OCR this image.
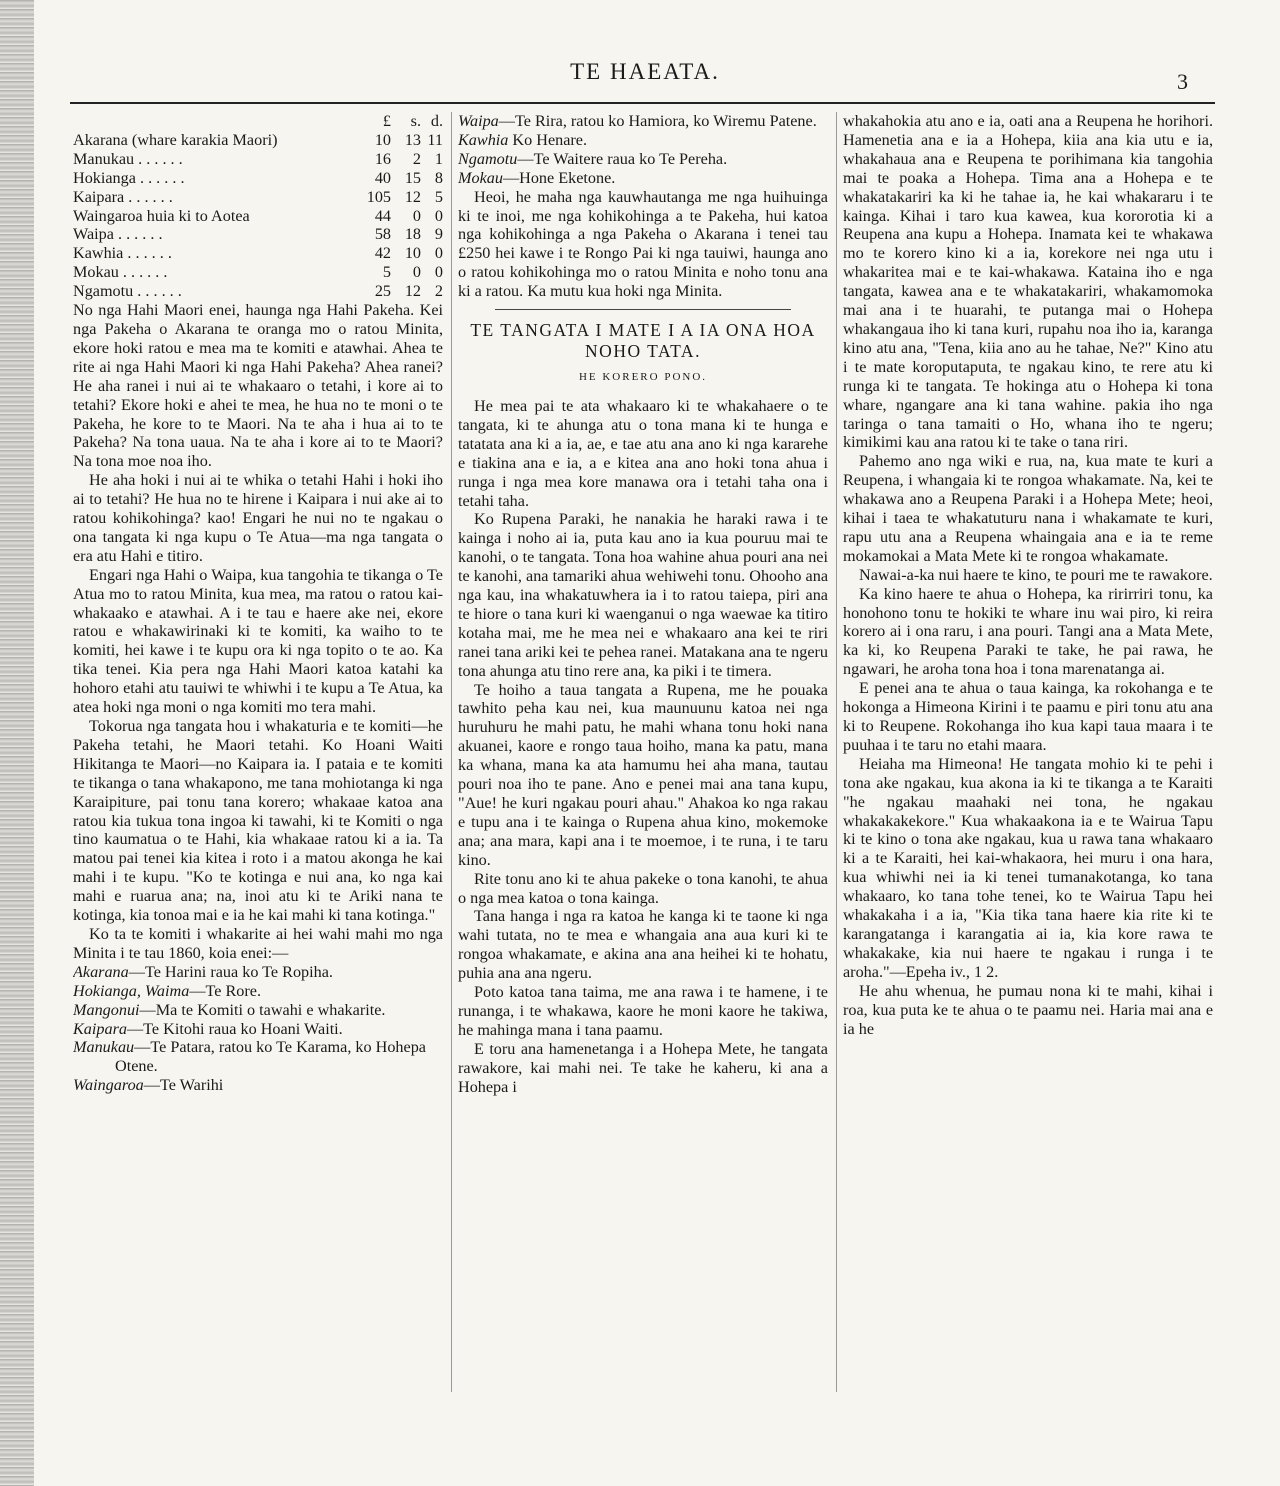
TE HAEATA.	3
	£	s.	d.
Akarana (whare karakia Maori)	10	13	11
Manukau . . . . . .	16	2	1
Hokianga . . . . . .	40	15	8
Kaipara . . . . . .	105	12	5
Waingaroa huia ki to Aotea	44	0	0
Waipa . . . . . .	58	18	9
Kawhia . . . . . .	42	10	0
Mokau . . . . . .	5	0	0
Ngamotu . . . . . .	25	12	2

No nga Hahi Maori enei, haunga nga Hahi Pakeha. Kei nga Pakeha o Akarana te oranga mo o ratou Minita, ekore hoki ratou e mea ma te komiti e atawhai. Ahea te rite ai nga Hahi Maori ki nga Hahi Pakeha? Ahea ranei? He aha ranei i nui ai te whakaaro o tetahi, i kore ai to tetahi? Ekore hoki e ahei te mea, he hua no te moni o te Pakeha, he kore to te Maori. Na te aha i hua ai to te Pakeha? Na tona uaua. Na te aha i kore ai to te Maori? Na tona moe noa iho.

He aha hoki i nui ai te whika o tetahi Hahi i hoki iho ai to tetahi? He hua no te hirene i Kaipara i nui ake ai to ratou kohikohinga? kao! Engari he nui no te ngakau o ona tangata ki nga kupu o Te Atua—ma nga tangata o era atu Hahi e titiro.

Engari nga Hahi o Waipa, kua tangohia te tikanga o Te Atua mo to ratou Minita, kua mea, ma ratou o ratou kai-whakaako e atawhai. A i te tau e haere ake nei, ekore ratou e whakawirinaki ki te komiti, ka waiho to te komiti, hei kawe i te kupu ora ki nga topito o te ao. Ka tika tenei. Kia pera nga Hahi Maori katoa katahi ka hohoro etahi atu tauiwi te whiwhi i te kupu a Te Atua, ka atea hoki nga moni o nga komiti mo tera mahi.

Tokorua nga tangata hou i whakaturia e te komiti—he Pakeha tetahi, he Maori tetahi. Ko Hoani Waiti Hikitanga te Maori—no Kaipara ia. I pataia e te komiti te tikanga o tana whakapono, me tana mohiotanga ki nga Karaipiture, pai tonu tana korero; whakaae katoa ana ratou kia tukua tona ingoa ki tawahi, ki te Komiti o nga tino kaumatua o te Hahi, kia whakaae ratou ki a ia. Ta matou pai tenei kia kitea i roto i a matou akonga he kai mahi i te kupu. "Ko te kotinga e nui ana, ko nga kai mahi e ruarua ana; na, inoi atu ki te Ariki nana te kotinga, kia tonoa mai e ia he kai mahi ki tana kotinga."

Ko ta te komiti i whakarite ai hei wahi mahi mo nga Minita i te tau 1860, koia enei:—

Akarana—Te Harini raua ko Te Ropiha.

Hokianga, Waima—Te Rore.

Mangonui—Ma te Komiti o tawahi e whakarite.

Kaipara—Te Kitohi raua ko Hoani Waiti.

Manukau—Te Patara, ratou ko Te Karama, ko Hohepa Otene.

Waingaroa—Te Warihi

Waipa—Te Rira, ratou ko Hamiora, ko Wiremu Patene.

Kawhia Ko Henare.

Ngamotu—Te Waitere raua ko Te Pereha.

Mokau—Hone Eketone.

Heoi, he maha nga kauwhautanga me nga huihuinga ki te inoi, me nga kohikohinga a te Pakeha, hui katoa nga kohikohinga a nga Pakeha o Akarana i tenei tau £250 hei kawe i te Rongo Pai ki nga tauiwi, haunga ano o ratou kohikohinga mo o ratou Minita e noho tonu ana ki a ratou. Ka mutu kua hoki nga Minita.

TE TANGATA I MATE I A IA ONA HOA NOHO TATA.
HE KORERO PONO.

He mea pai te ata whakaaro ki te whakahaere o te tangata, ki te ahunga atu o tona mana ki te hunga e tatatata ana ki a ia, ae, e tae atu ana ano ki nga kararehe e tiakina ana e ia, a e kitea ana ano hoki tona ahua i runga i nga mea kore manawa ora i tetahi taha ona i tetahi taha.

Ko Rupena Paraki, he nanakia he haraki rawa i te kainga i noho ai ia, puta kau ano ia kua pouruu mai te kanohi, o te tangata. Tona hoa wahine ahua pouri ana nei te kanohi, ana tamariki ahua wehiwehi tonu. Ohooho ana nga kau, ina whakatuwhera ia i to ratou taiepa, piri ana te hiore o tana kuri ki waenganui o nga waewae ka titiro kotaha mai, me he mea nei e whakaaro ana kei te riri ranei tana ariki kei te pehea ranei. Matakana ana te ngeru tona ahunga atu tino rere ana, ka piki i te timera.

Te hoiho a taua tangata a Rupena, me he pouaka tawhito peha kau nei, kua maunuunu katoa nei nga huruhuru he mahi patu, he mahi whana tonu hoki nana akuanei, kaore e rongo taua hoiho, mana ka patu, mana ka whana, mana ka ata hamumu hei aha mana, tautau pouri noa iho te pane. Ano e penei mai ana tana kupu, "Aue! he kuri ngakau pouri ahau." Ahakoa ko nga rakau e tupu ana i te kainga o Rupena ahua kino, mokemoke ana; ana mara, kapi ana i te moemoe, i te runa, i te taru kino.

Rite tonu ano ki te ahua pakeke o tona kanohi, te ahua o nga mea katoa o tona kainga.

Tana hanga i nga ra katoa he kanga ki te taone ki nga wahi tutata, no te mea e whangaia ana aua kuri ki te rongoa whakamate, e akina ana ana heihei ki te hohatu, puhia ana ana ngeru.

Poto katoa tana taima, me ana rawa i te hamene, i te runanga, i te whakawa, kaore he moni kaore he takiwa, he mahinga mana i tana paamu.

E toru ana hamenetanga i a Hohepa Mete, he tangata rawakore, kai mahi nei. Te take he kaheru, ki ana a Hohepa i

whakahokia atu ano e ia, oati ana a Reupena he horihori. Hamenetia ana e ia a Hohepa, kiia ana kia utu e ia, whakahaua ana e Reupena te porihimana kia tangohia mai te poaka a Hohepa. Tima ana a Hohepa e te whakatakariri ka ki he tahae ia, he kai whakararu i te kainga. Kihai i taro kua kawea, kua kororotia ki a Reupena ana kupu a Hohepa. Inamata kei te whakawa mo te korero kino ki a ia, korekore nei nga utu i whakaritea mai e te kai-whakawa. Kataina iho e nga tangata, kawea ana e te whakatakariri, whakamomoka mai ana i te huarahi, te putanga mai o Hohepa whakangaua iho ki tana kuri, rupahu noa iho ia, karanga kino atu ana, "Tena, kiia ano au he tahae, Ne?" Kino atu i te mate koroputaputa, te ngakau kino, te rere atu ki runga ki te tangata. Te hokinga atu o Hohepa ki tona whare, ngangare ana ki tana wahine. pakia iho nga taringa o tana tamaiti o Ho, whana iho te ngeru; kimikimi kau ana ratou ki te take o tana riri.

Pahemo ano nga wiki e rua, na, kua mate te kuri a Reupena, i whangaia ki te rongoa whakamate. Na, kei te whakawa ano a Reupena Paraki i a Hohepa Mete; heoi, kihai i taea te whakatuturu nana i whakamate te kuri, rapu utu ana a Reupena whaingaia ana e ia te reme mokamokai a Mata Mete ki te rongoa whakamate.

Nawai-a-ka nui haere te kino, te pouri me te rawakore.

Ka kino haere te ahua o Hohepa, ka ririrriri tonu, ka honohono tonu te hokiki te whare inu wai piro, ki reira korero ai i ona raru, i ana pouri. Tangi ana a Mata Mete, ka ki, ko Reupena Paraki te take, he pai rawa, he ngawari, he aroha tona hoa i tona marenatanga ai.

E penei ana te ahua o taua kainga, ka rokohanga e te hokonga a Himeona Kirini i te paamu e piri tonu atu ana ki to Reupene. Rokohanga iho kua kapi taua maara i te puuhaa i te taru no etahi maara.

Heiaha ma Himeona! He tangata mohio ki te pehi i tona ake ngakau, kua akona ia ki te tikanga a te Karaiti "he ngakau maahaki nei tona, he ngakau whakakakekore." Kua whakaakona ia e te Wairua Tapu ki te kino o tona ake ngakau, kua u rawa tana whakaaro ki a te Karaiti, hei kai-whakaora, hei muru i ona hara, kua whiwhi nei ia ki tenei tumanakotanga, ko tana whakaaro, ko tana tohe tenei, ko te Wairua Tapu hei whakakaha i a ia, "Kia tika tana haere kia rite ki te karangatanga i karangatia ai ia, kia kore rawa te whakakake, kia nui haere te ngakau i runga i te aroha."—Epeha iv., 1 2.

He ahu whenua, he pumau nona ki te mahi, kihai i roa, kua puta ke te ahua o te paamu nei. Haria mai ana e ia he
